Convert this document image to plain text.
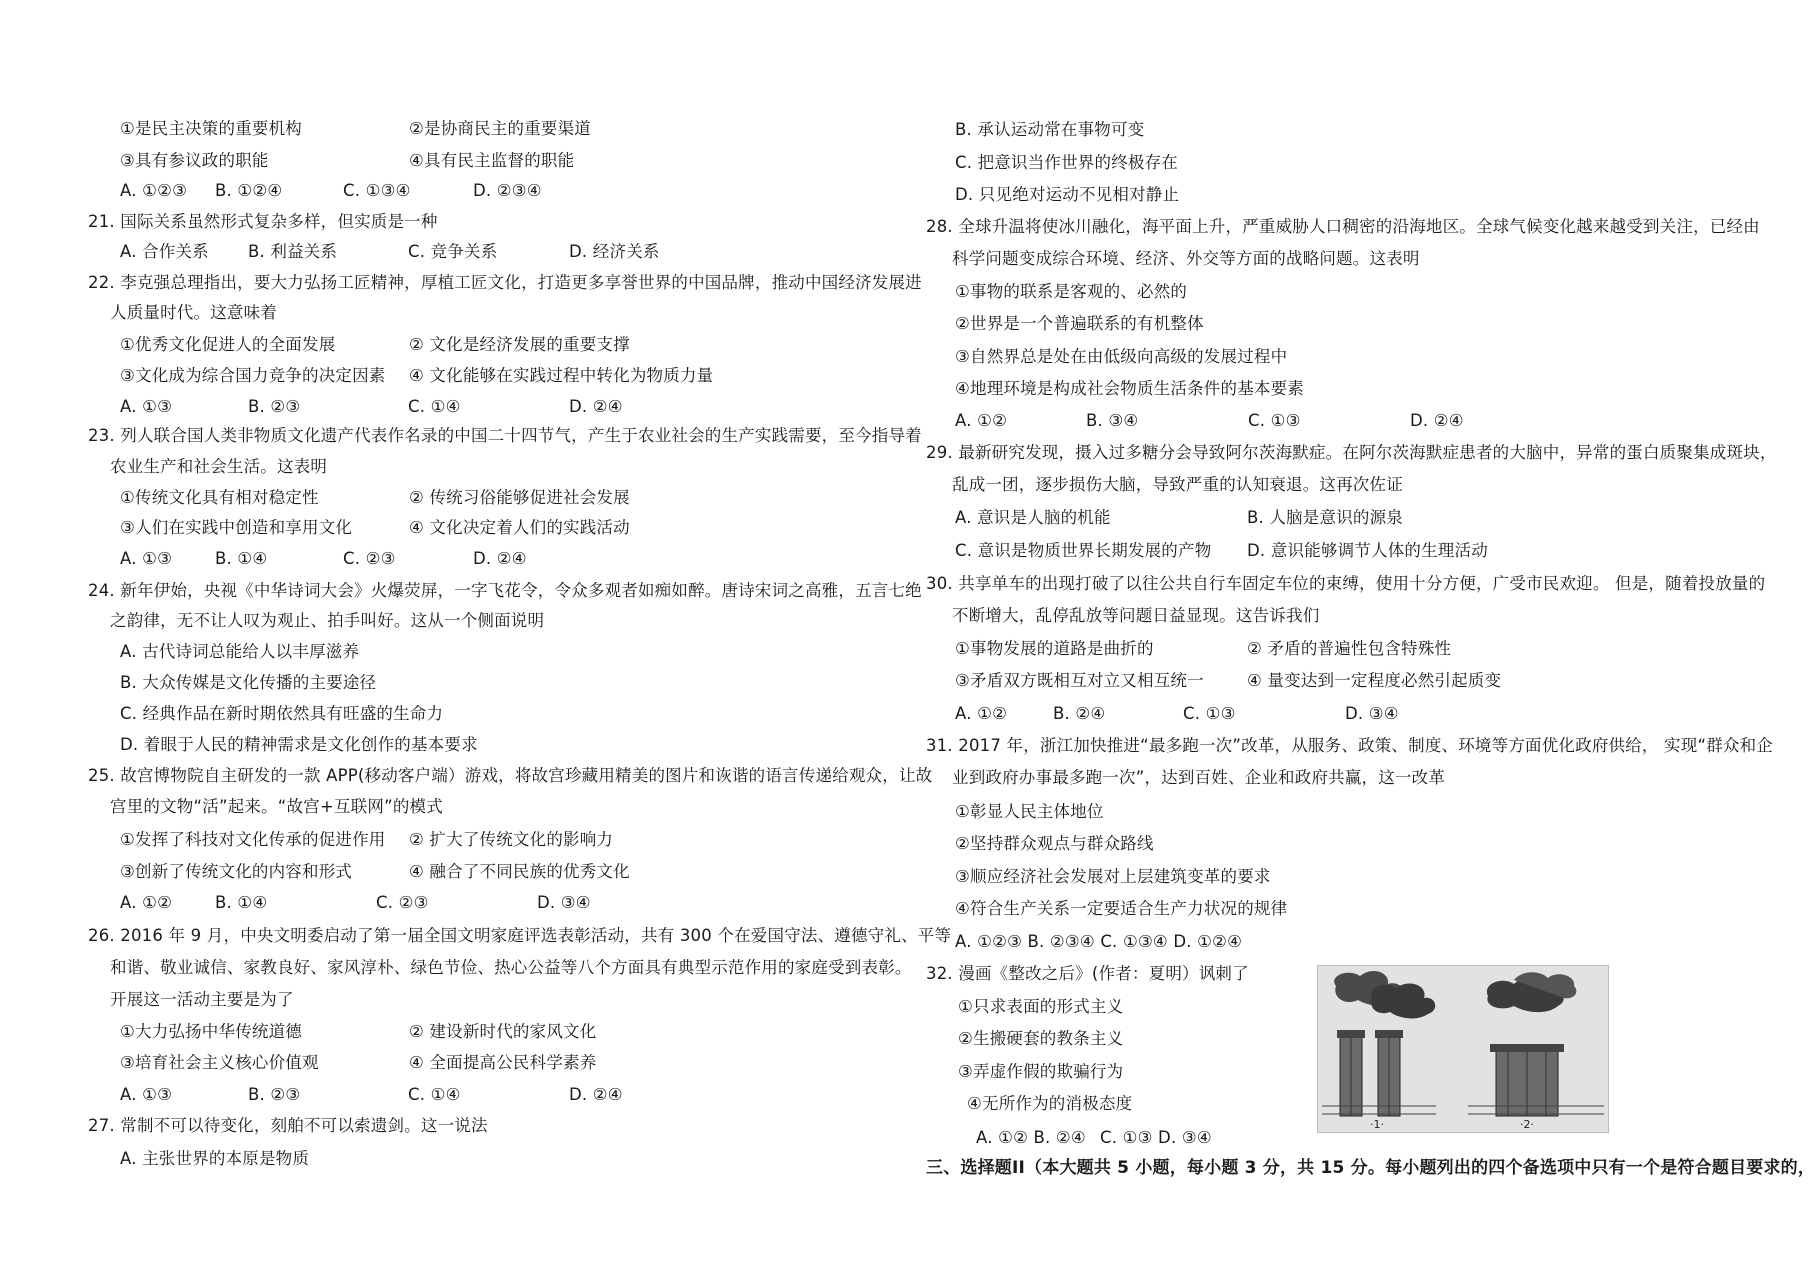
①是民主决策的重要机构	②是协商民主的重要渠道
③具有参议政的职能	④具有民主监督的职能
A. ①②③ B. ①②④	C. ①③④	D. ②③④
21. 国际关系虽然形式复杂多样，但实质是一种
A. 合作关系 B. 利益关系	C. 竞争关系	D. 经济关系
22. 李克强总理指出，要大力弘扬工匠精神，厚植工匠文化，打造更多享誉世界的中国品牌，推动中国经济发展进
人质量时代。这意味着
①优秀文化促进人的全面发展	② 文化是经济发展的重要支撑
③文化成为综合国力竞争的决定因素 ④ 文化能够在实践过程中转化为物质力量
A. ①③	B. ②③	C. ①④	D. ②④
23. 列人联合国人类非物质文化遗产代表作名录的中国二十四节气，产生于农业社会的生产实践需要，至今指导着
农业生产和社会生活。这表明
①传统文化具有相对稳定性	② 传统习俗能够促进社会发展
③人们在实践中创造和享用文化	④ 文化决定着人们的实践活动
A. ①③	B. ①④	C. ②③	D. ②④
24. 新年伊始，央视《中华诗词大会》火爆荧屏，一字飞花令，令众多观者如痴如醉。唐诗宋词之高雅，五言七绝
之韵律，无不让人叹为观止、拍手叫好。这从一个侧面说明
A. 古代诗词总能给人以丰厚滋养
B. 大众传媒是文化传播的主要途径
C. 经典作品在新时期依然具有旺盛的生命力
D. 着眼于人民的精神需求是文化创作的基本要求
25. 故宫博物院自主研发的一款 APP(移动客户端）游戏，将故宫珍藏用精美的图片和诙谐的语言传递给观众，让故
宫里的文物“活”起来。“故宫+互联网”的模式
①发挥了科技对文化传承的促进作用 ② 扩大了传统文化的影响力
③创新了传统文化的内容和形式	④ 融合了不同民族的优秀文化
A. ①②	B. ①④	C. ②③	D. ③④
26. 2016 年 9 月，中央文明委启动了第一届全国文明家庭评选表彰活动，共有 300 个在爱国守法、遵德守礼、平等
和谐、敬业诚信、家教良好、家风淳朴、绿色节俭、热心公益等八个方面具有典型示范作用的家庭受到表彰。
开展这一活动主要是为了
①大力弘扬中华传统道德	② 建设新时代的家风文化
③培育社会主义核心价值观	④ 全面提高公民科学素养
A. ①③	B. ②③	C. ①④	D. ②④
27. 常制不可以待变化，刻舶不可以索遗剑。这一说法
A. 主张世界的本原是物质
B. 承认运动常在事物可变
C. 把意识当作世界的终极存在
D. 只见绝对运动不见相对静止
28. 全球升温将使冰川融化，海平面上升，严重威胁人口稠密的沿海地区。全球气候变化越来越受到关注，已经由
科学问题变成综合环境、经济、外交等方面的战略问题。这表明
①事物的联系是客观的、必然的
②世界是一个普遍联系的有机整体
③自然界总是处在由低级向高级的发展过程中
④地理环境是构成社会物质生活条件的基本要素
A. ①②	B. ③④	C. ①③	D. ②④
29. 最新研究发现，摄入过多糖分会导致阿尔茨海默症。在阿尔茨海默症患者的大脑中，异常的蛋白质聚集成斑块，
乱成一团，逐步损伤大脑，导致严重的认知衰退。这再次佐证
A. 意识是人脑的机能	B. 人脑是意识的源泉
C. 意识是物质世界长期发展的产物 D. 意识能够调节人体的生理活动
30. 共享单车的出现打破了以往公共自行车固定车位的束缚，使用十分方便，广受市民欢迎。 但是，随着投放量的
不断增大，乱停乱放等问题日益显现。这告诉我们
①事物发展的道路是曲折的	② 矛盾的普遍性包含特殊性
③矛盾双方既相互对立又相互统一	④ 量变达到一定程度必然引起质变
A. ①②	B. ②④	C. ①③	D. ③④
31. 2017 年，浙江加快推进“最多跑一次”改革，从服务、政策、制度、环境等方面优化政府供给， 实现“群众和企
业到政府办事最多跑一次”，达到百姓、企业和政府共赢，这一改革
①彰显人民主体地位
②坚持群众观点与群众路线
③顺应经济社会发展对上层建筑变革的要求
④符合生产关系一定要适合生产力状况的规律
A. ①②③ B. ②③④ C. ①③④ D. ①②④
32. 漫画《整改之后》(作者：夏明）讽刺了
①只求表面的形式主义
②生搬硬套的教条主义
③弄虚作假的欺骗行为
④无所作为的消极态度
A. ①② B. ②④ C. ①③ D. ③④
三、选择题II（本大题共 5 小题，每小题 3 分，共 15 分。每小题列出的四个备选项中只有一个是符合题目要求的，
·1·	·2·
